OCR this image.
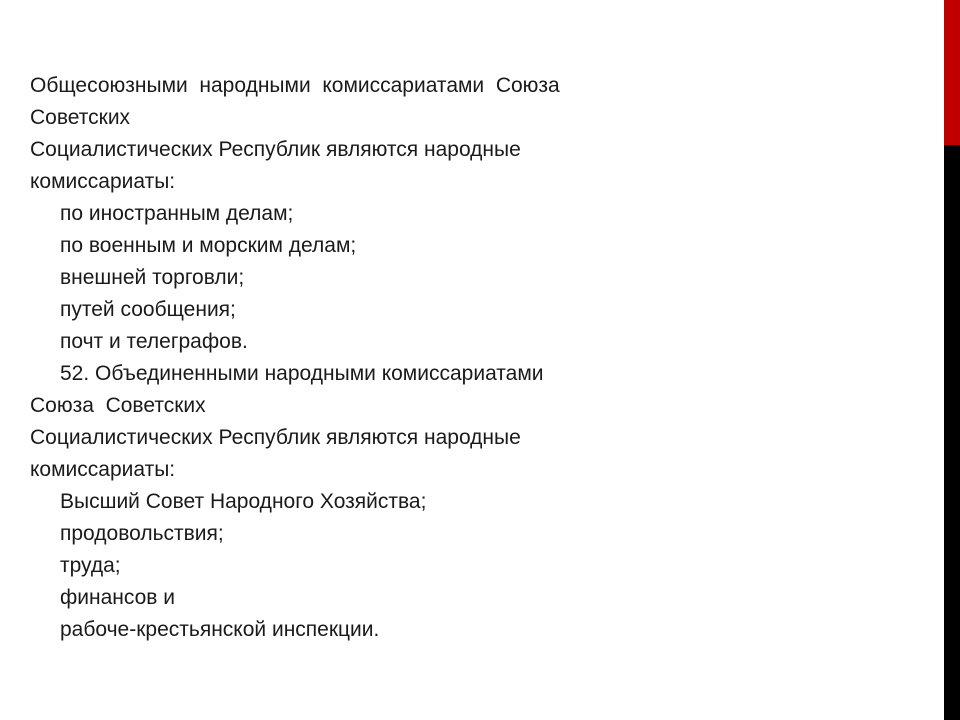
Общесоюзными  народными  комиссариатами  Союза
Советских
Социалистических Республик являются народные
комиссариаты:
по иностранным делам;
по военным и морским делам;
внешней торговли;
путей сообщения;
почт и телеграфов.
52. Объединенными народными комиссариатами
Союза  Советских
Социалистических Республик являются народные
комиссариаты:
Высший Совет Народного Хозяйства;
продовольствия;
труда;
финансов и
рабоче-крестьянской инспекции.
